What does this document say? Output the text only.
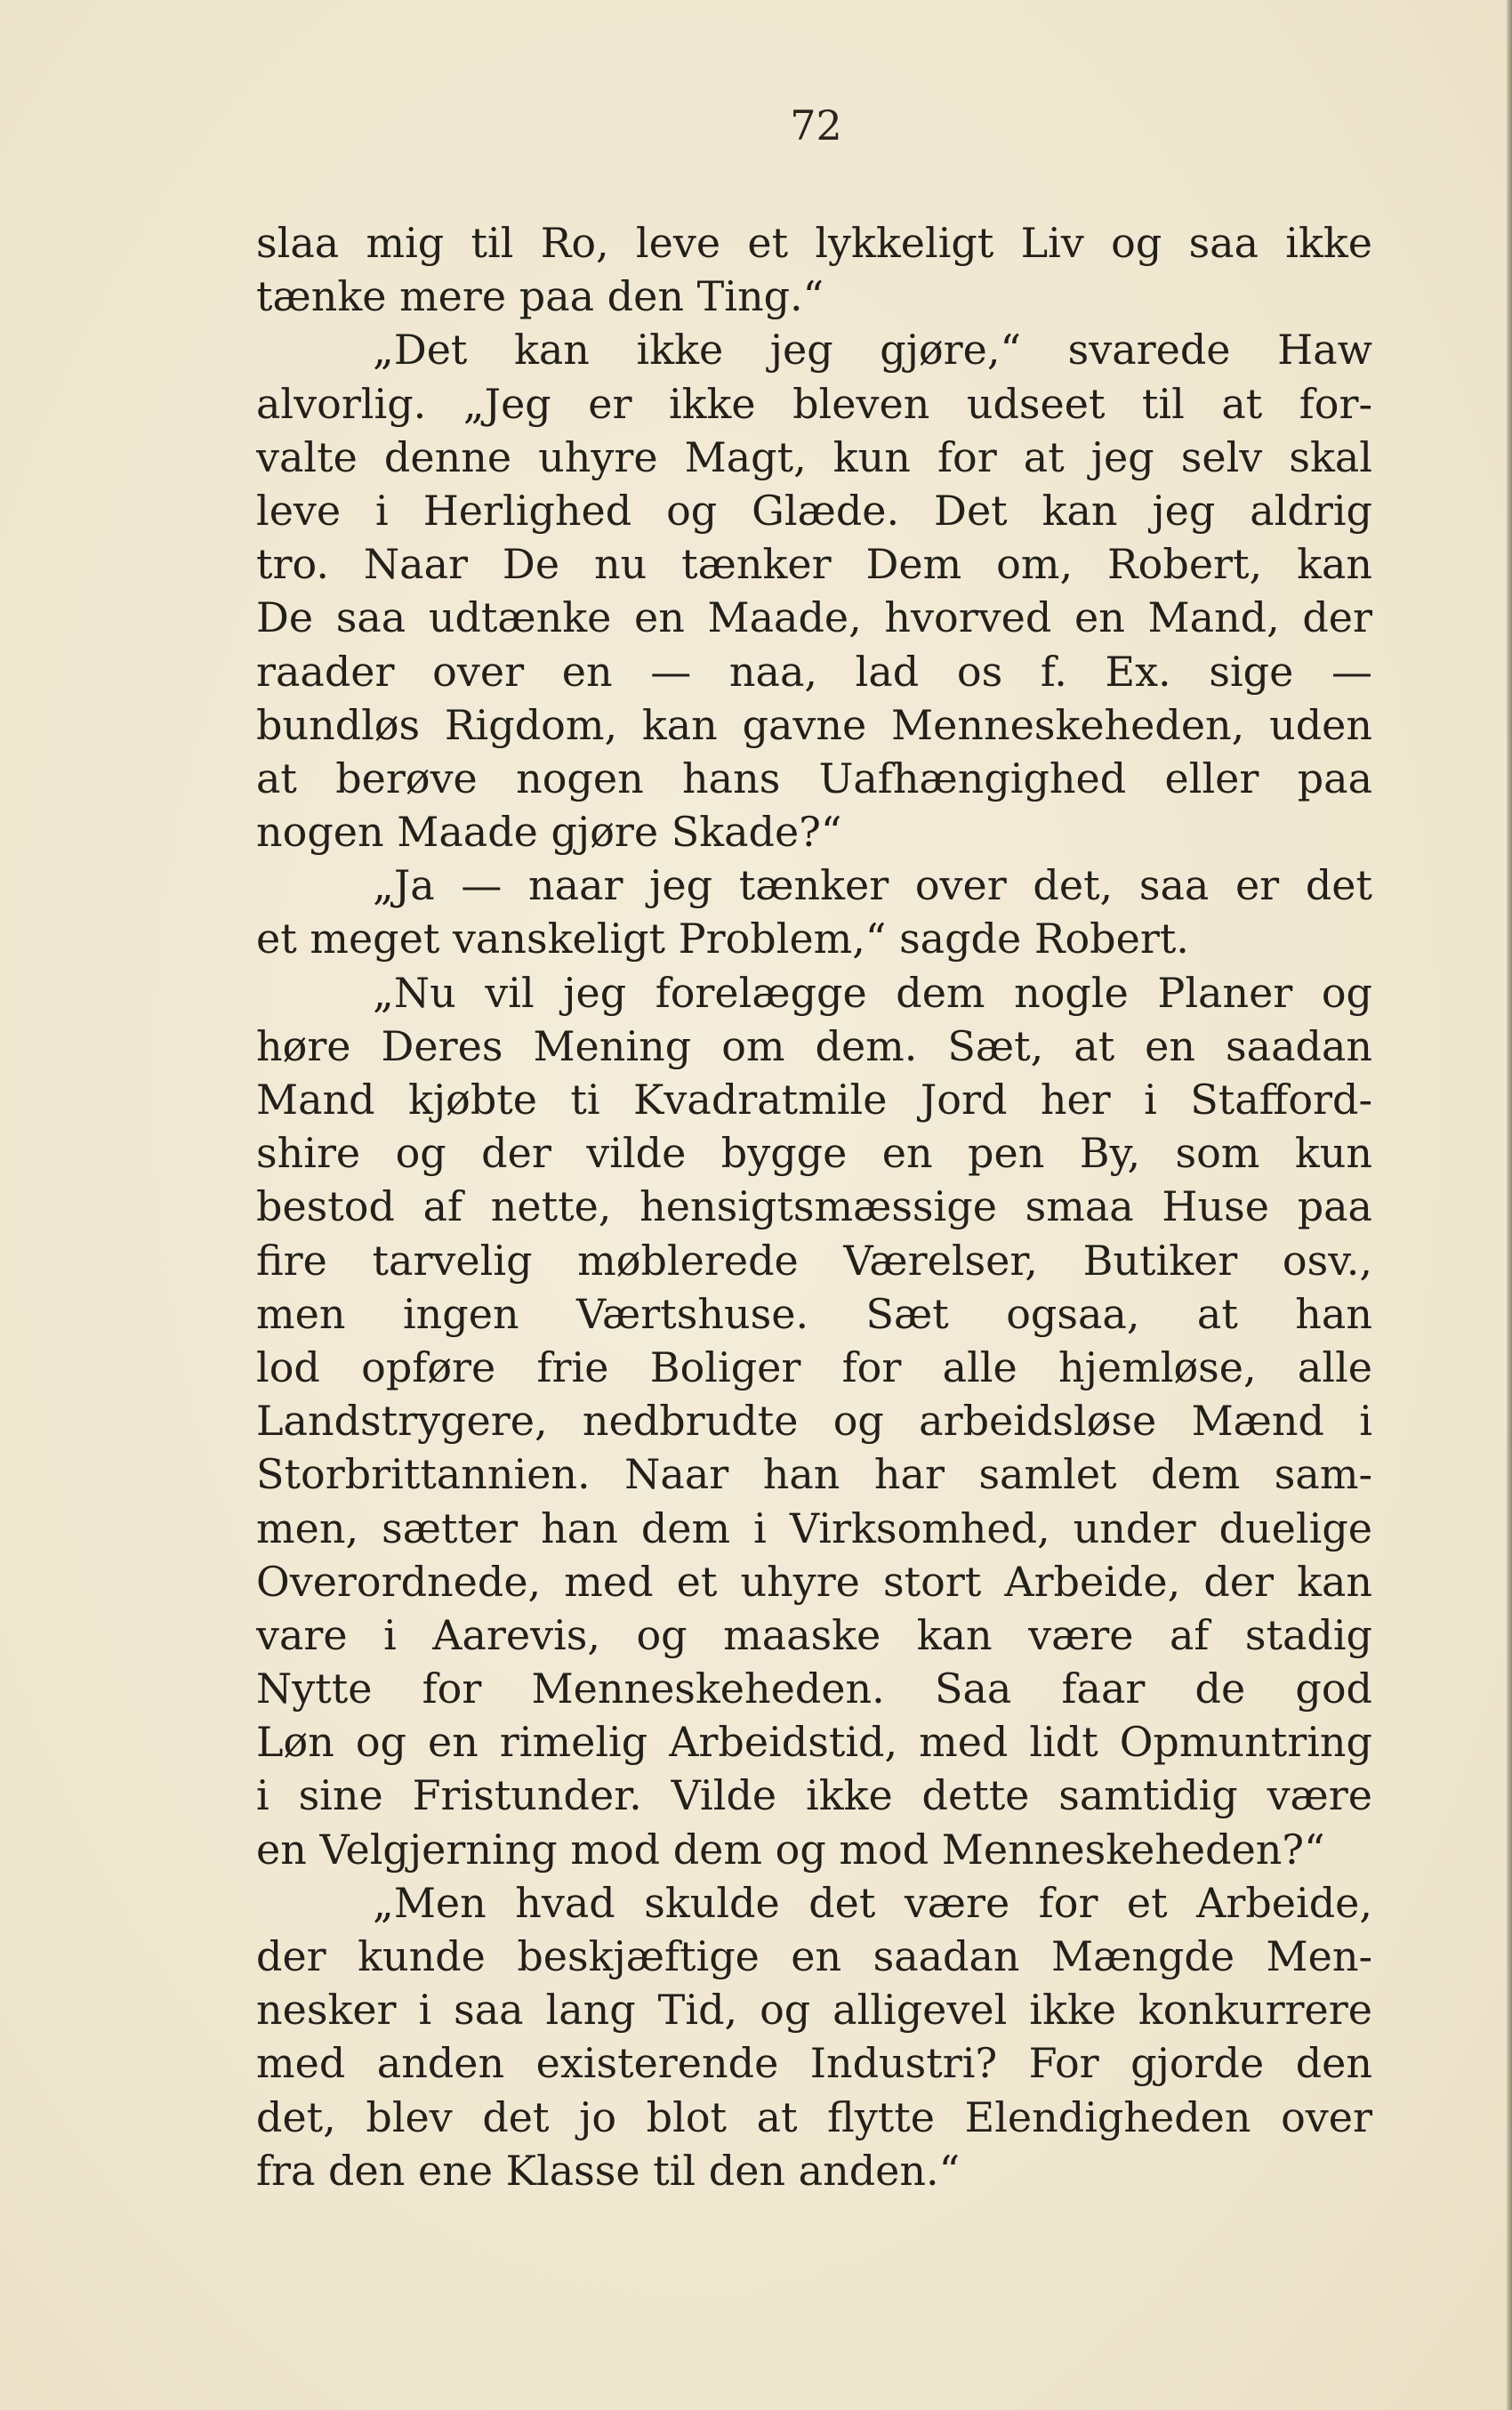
72
slaa mig til Ro, leve et lykkeligt Liv og saa ikke
tænke mere paa den Ting.“
„Det kan ikke jeg gjøre,“ svarede Haw
alvorlig. „Jeg er ikke bleven udseet til at for-
valte denne uhyre Magt, kun for at jeg selv skal
leve i Herlighed og Glæde. Det kan jeg aldrig
tro. Naar De nu tænker Dem om, Robert, kan
De saa udtænke en Maade, hvorved en Mand, der
raader over en — naa, lad os f. Ex. sige —
bundløs Rigdom, kan gavne Menneskeheden, uden
at berøve nogen hans Uafhængighed eller paa
nogen Maade gjøre Skade?“
„Ja — naar jeg tænker over det, saa er det
et meget vanskeligt Problem,“ sagde Robert.
„Nu vil jeg forelægge dem nogle Planer og
høre Deres Mening om dem. Sæt, at en saadan
Mand kjøbte ti Kvadratmile Jord her i Stafford-
shire og der vilde bygge en pen By, som kun
bestod af nette, hensigtsmæssige smaa Huse paa
fire tarvelig møblerede Værelser, Butiker osv.,
men ingen Værtshuse. Sæt ogsaa, at han
lod opføre frie Boliger for alle hjemløse, alle
Landstrygere, nedbrudte og arbeidsløse Mænd i
Storbrittannien. Naar han har samlet dem sam-
men, sætter han dem i Virksomhed, under duelige
Overordnede, med et uhyre stort Arbeide, der kan
vare i Aarevis, og maaske kan være af stadig
Nytte for Menneskeheden. Saa faar de god
Løn og en rimelig Arbeidstid, med lidt Opmuntring
i sine Fristunder. Vilde ikke dette samtidig være
en Velgjerning mod dem og mod Menneskeheden?“
„Men hvad skulde det være for et Arbeide,
der kunde beskjæftige en saadan Mængde Men-
nesker i saa lang Tid, og alligevel ikke konkurrere
med anden existerende Industri? For gjorde den
det, blev det jo blot at flytte Elendigheden over
fra den ene Klasse til den anden.“
